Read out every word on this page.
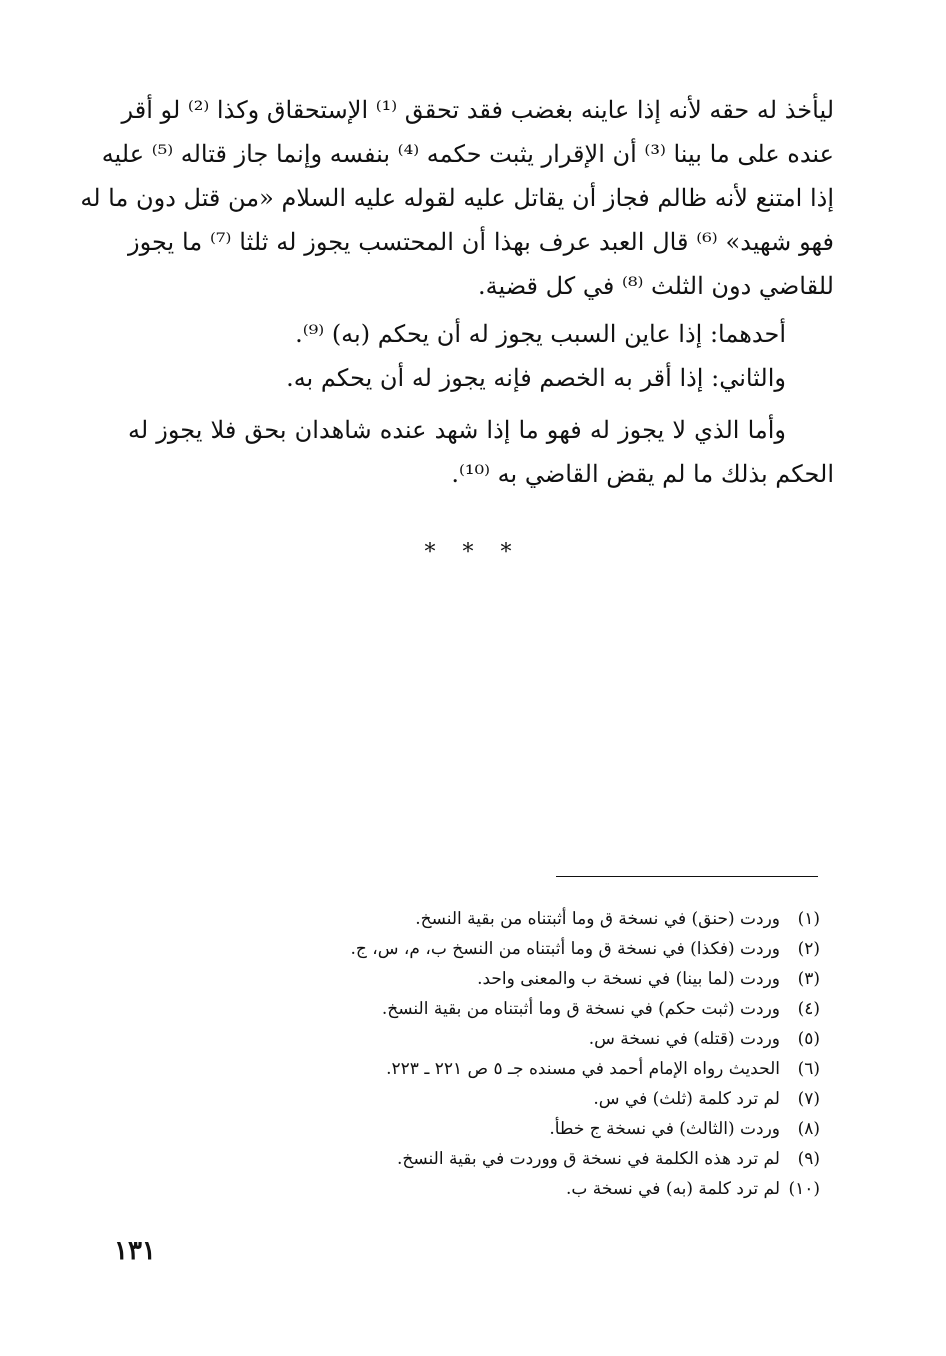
ليأخذ له حقه لأنه إذا عاينه بغضب فقد تحقق ⁽¹⁾ الإستحقاق وكذا ⁽²⁾ لو أقر
عنده على ما بينا ⁽³⁾ أن الإقرار يثبت حكمه ⁽⁴⁾ بنفسه وإنما جاز قتاله ⁽⁵⁾ عليه
إذا امتنع لأنه ظالم فجاز أن يقاتل عليه لقوله عليه السلام «من قتل دون ما له
فهو شهيد» ⁽⁶⁾ قال العبد عرف بهذا أن المحتسب يجوز له ثلثا ⁽⁷⁾ ما يجوز
للقاضي دون الثلث ⁽⁸⁾ في كل قضية.
أحدهما: إذا عاين السبب يجوز له أن يحكم (به) ⁽⁹⁾.
والثاني: إذا أقر به الخصم فإنه يجوز له أن يحكم به.
وأما الذي لا يجوز له فهو ما إذا شهد عنده شاهدان بحق فلا يجوز له
الحكم بذلك ما لم يقض القاضي به ⁽¹⁰⁾.
* * *
(١)
وردت (حنق) في نسخة ق وما أثبتناه من بقية النسخ.
(٢)
وردت (فكذا) في نسخة ق وما أثبتناه من النسخ ب، م، س، ج.
(٣)
وردت (لما بينا) في نسخة ب والمعنى واحد.
(٤)
وردت (ثبت حكم) في نسخة ق وما أثبتناه من بقية النسخ.
(٥)
وردت (قتله) في نسخة س.
(٦)
الحديث رواه الإمام أحمد في مسنده جـ ٥ ص ٢٢١ ـ ٢٢٣.
(٧)
لم ترد كلمة (ثلث) في س.
(٨)
وردت (الثالث) في نسخة ج خطأ.
(٩)
لم ترد هذه الكلمة في نسخة ق ووردت في بقية النسخ.
(١٠)
لم ترد كلمة (به) في نسخة ب.
١٣١
